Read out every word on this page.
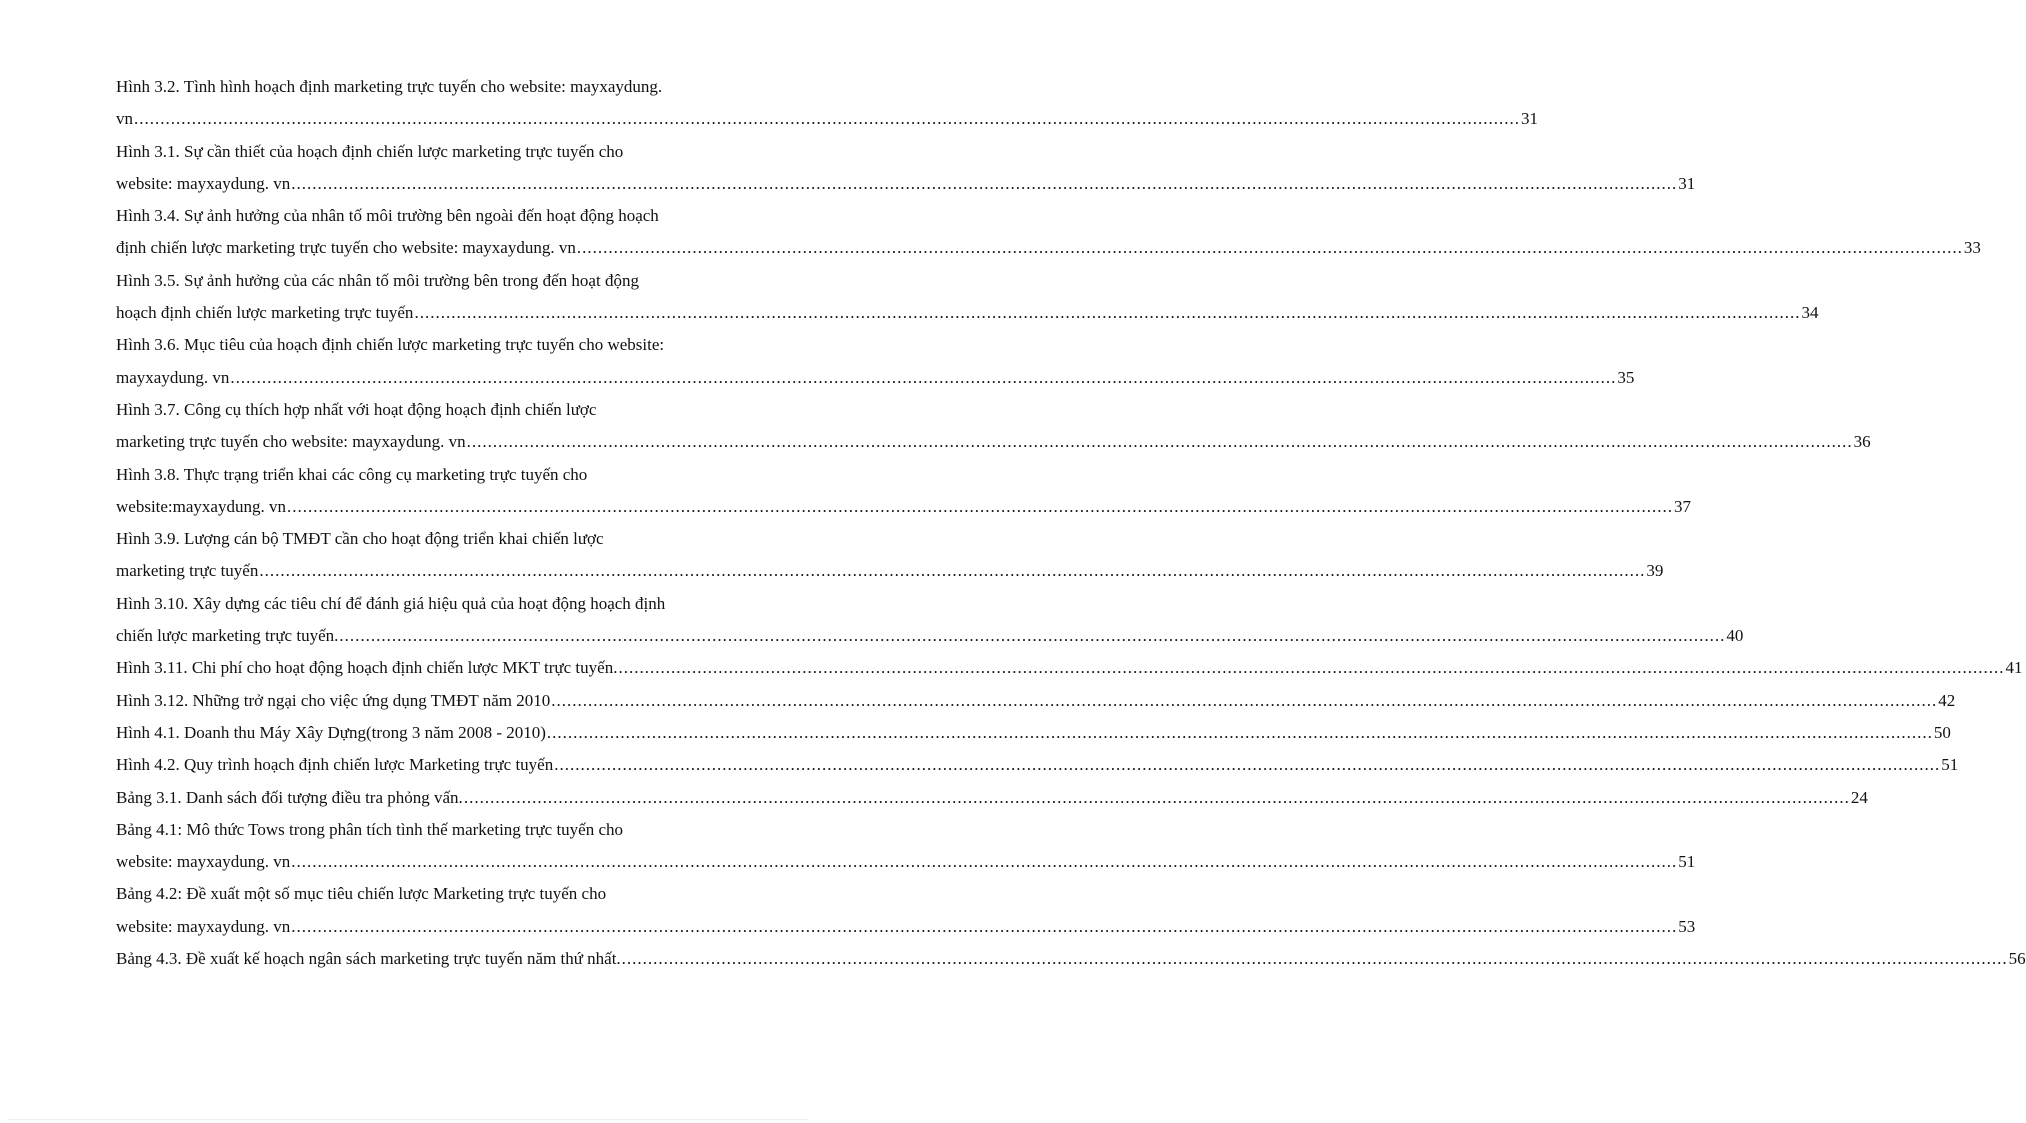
Hình 3.2. Tình hình hoạch định marketing trực tuyến cho website: mayxaydung.
vn .....	31
Hình 3.1. Sự cần thiết của hoạch định chiến lược marketing trực tuyến cho
website: mayxaydung. vn .....	31
Hình 3.4. Sự ảnh hưởng của nhân tố môi trường bên ngoài đến hoạt động hoạch
định chiến lược marketing trực tuyến cho website: mayxaydung. vn .....	33
Hình 3.5. Sự ảnh hưởng của các nhân tố môi trường bên trong đến hoạt động
hoạch định chiến lược marketing trực tuyến .....	34
Hình 3.6. Mục tiêu của hoạch định chiến lược marketing trực tuyến cho website:
mayxaydung. vn .....	35
Hình 3.7. Công cụ thích hợp nhất với hoạt động hoạch định chiến lược
marketing trực tuyến cho website: mayxaydung. vn .....	36
Hình 3.8. Thực trạng triển khai các công cụ marketing trực tuyến cho
website:mayxaydung. vn .....	37
Hình 3.9. Lượng cán bộ TMĐT cần cho hoạt động triển khai chiến lược
marketing trực tuyến .....	39
Hình 3.10. Xây dựng các tiêu chí để đánh giá hiệu quả của hoạt động hoạch định
chiến lược marketing trực tuyến. .....	40
Hình 3.11. Chi phí cho hoạt động hoạch định chiến lược MKT trực tuyến. .....	41
Hình 3.12. Những trở ngại cho việc ứng dụng TMĐT năm 2010 .....	42
Hình 4.1. Doanh thu Máy Xây Dựng(trong 3 năm 2008 - 2010) .....	50
Hình 4.2. Quy trình hoạch định chiến lược Marketing trực tuyến .....	51
Bảng 3.1. Danh sách đối tượng điều tra phỏng vấn. .....	24
Bảng 4.1: Mô thức Tows trong phân tích tình thế marketing trực tuyến cho
website: mayxaydung. vn .....	51
Bảng 4.2: Đề xuất một số mục tiêu chiến lược Marketing trực tuyến cho
website: mayxaydung. vn .....	53
Bảng 4.3. Đề xuất kế hoạch ngân sách marketing trực tuyến năm thứ nhất. .....	56
